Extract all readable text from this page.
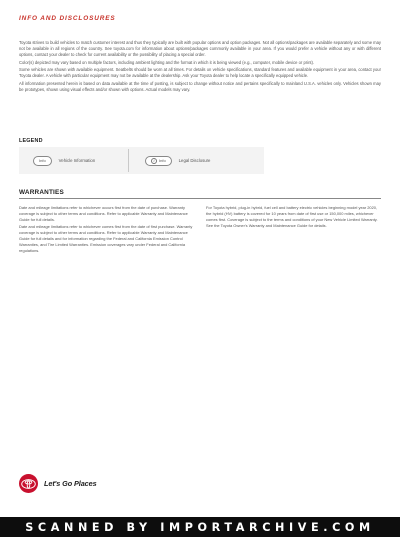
INFO AND DISCLOSURES

Toyota strives to build vehicles to match customer interest and thus they typically are built with popular options and option packages. Not all options/packages are available separately and some may not be available in all regions of the country. See toyota.com for information about options/packages commonly available in your area. If you would prefer a vehicle without any or with different options, contact your dealer to check for current availability or the possibility of placing a special order.

Color(s) depicted may vary based on multiple factors, including ambient lighting and the format in which it is being viewed (e.g., computer, mobile device or print).

Some vehicles are shown with available equipment. Seatbelts should be worn at all times. For details on vehicle specifications, standard features and available equipment in your area, contact your Toyota dealer. A vehicle with particular equipment may not be available at the dealership. Ask your Toyota dealer to help locate a specifically equipped vehicle.

All information presented herein is based on data available at the time of posting, is subject to change without notice and pertains specifically to mainland U.S.A. vehicles only. Vehicles shown may be prototypes, shown using visual effects and/or shown with options. Actual models may vary.

LEGEND
Info	Vehicle Information	i	Info	Legal Disclosure
WARRANTIES

Date and mileage limitations refer to whichever occurs first from the date of purchase. Warranty coverage is subject to other terms and conditions. Refer to applicable Warranty and Maintenance Guide for full details.

Date and mileage limitations refer to whichever comes first from the date of first purchase. Warranty coverage is subject to other terms and conditions. Refer to applicable Warranty and Maintenance Guide for full details and for information regarding the Federal and California Emission Control Warranties, and Tire Limited Warranties. Emission coverages vary under Federal and California regulations.

For Toyota hybrid, plug-in hybrid, fuel cell and battery electric vehicles beginning model year 2020, the hybrid (HV) battery is covered for 10 years from date of first use or 150,000 miles, whichever comes first. Coverage is subject to the terms and conditions of your New Vehicle Limited Warranty. See the Toyota Owner's Warranty and Maintenance Guide for details.

Let's Go Places
SCANNED BY IMPORTARCHIVE.COM
